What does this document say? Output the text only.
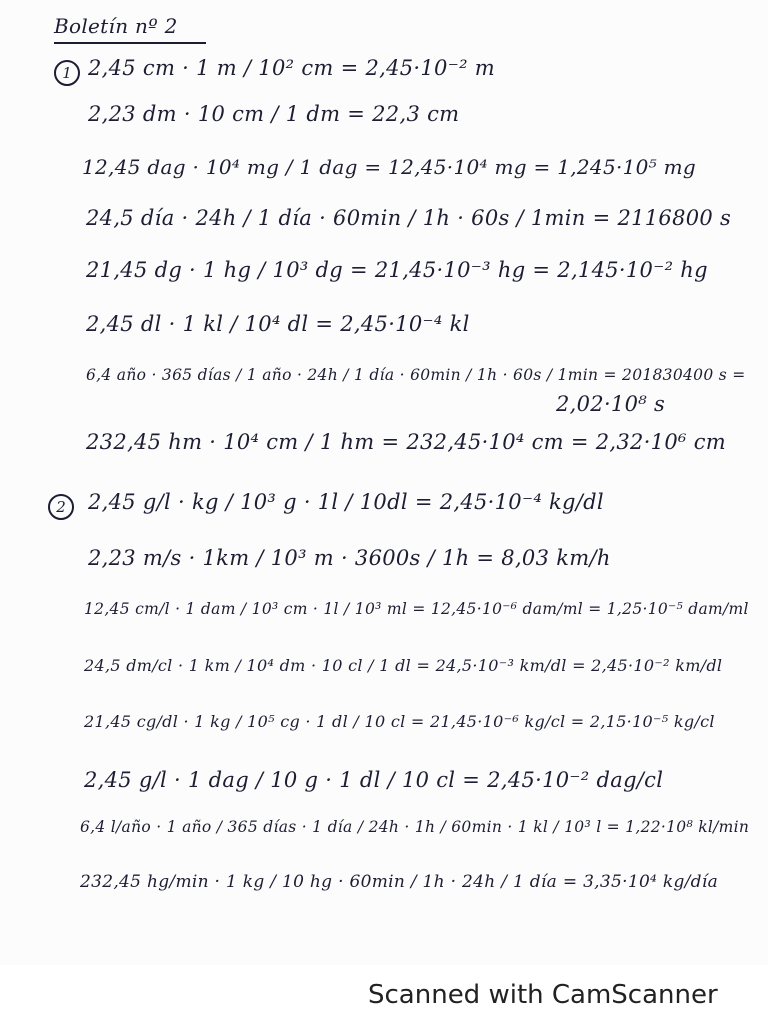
Boletín nº 2
1 2,45 cm · 1 m / 10² cm = 2,45·10⁻² m
2,23 dm · 10 cm / 1 dm = 22,3 cm
12,45 dag · 10⁴ mg / 1 dag = 12,45·10⁴ mg = 1,245·10⁵ mg
24,5 día · 24h / 1 día · 60min / 1h · 60s / 1min = 2116800 s
21,45 dg · 1 hg / 10³ dg = 21,45·10⁻³ hg = 2,145·10⁻² hg
2,45 dl · 1 kl / 10⁴ dl = 2,45·10⁻⁴ kl
6,4 año · 365 días / 1 año · 24h / 1 día · 60min / 1h · 60s / 1min = 201830400 s =
2,02·10⁸ s
232,45 hm · 10⁴ cm / 1 hm = 232,45·10⁴ cm = 2,32·10⁶ cm
2	2,45 g/l · kg / 10³ g · 1l / 10dl = 2,45·10⁻⁴ kg/dl
2,23 m/s · 1km / 10³ m · 3600s / 1h = 8,03 km/h
12,45 cm/l · 1 dam / 10³ cm · 1l / 10³ ml = 12,45·10⁻⁶ dam/ml = 1,25·10⁻⁵ dam/ml
24,5 dm/cl · 1 km / 10⁴ dm · 10 cl / 1 dl = 24,5·10⁻³ km/dl = 2,45·10⁻² km/dl
21,45 cg/dl · 1 kg / 10⁵ cg · 1 dl / 10 cl = 21,45·10⁻⁶ kg/cl = 2,15·10⁻⁵ kg/cl
2,45 g/l · 1 dag / 10 g · 1 dl / 10 cl = 2,45·10⁻² dag/cl
6,4 l/año · 1 año / 365 días · 1 día / 24h · 1h / 60min · 1 kl / 10³ l = 1,22·10⁸ kl/min
232,45 hg/min · 1 kg / 10 hg · 60min / 1h · 24h / 1 día = 3,35·10⁴ kg/día
Scanned with CamScanner
